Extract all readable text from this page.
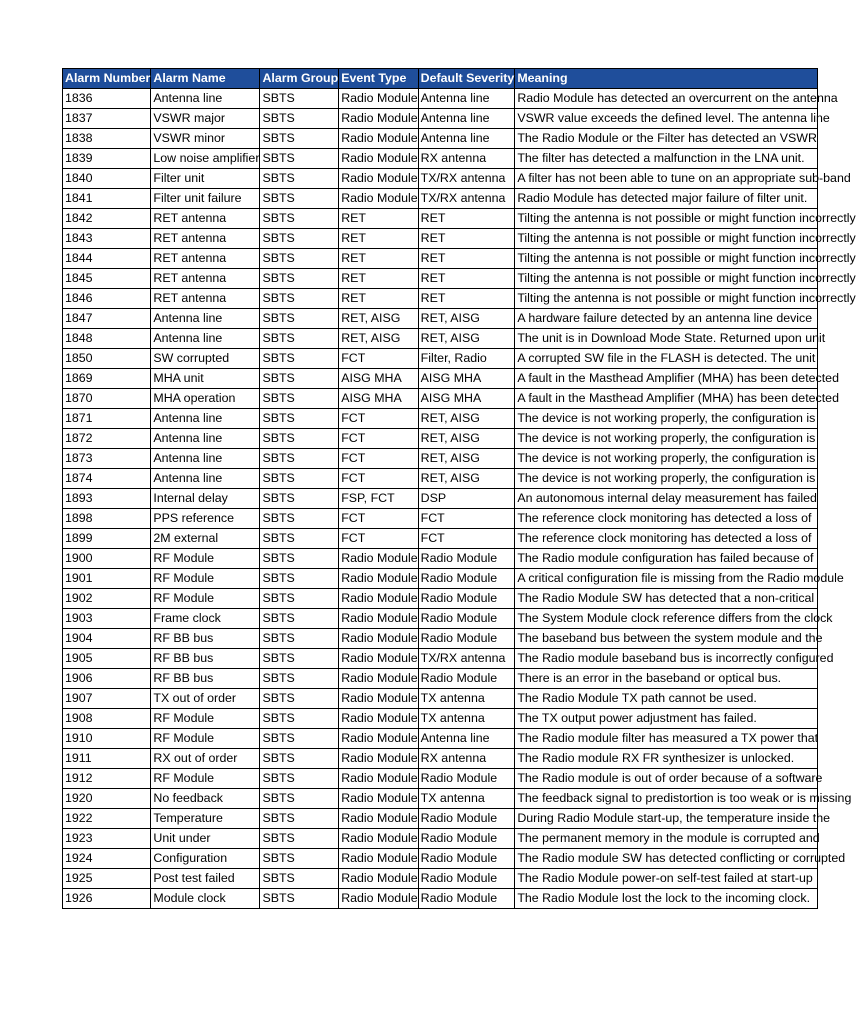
Alarm Number	Alarm Name	Alarm Group	Event Type	Default Severity	Meaning
1836	Antenna line	SBTS	Radio Module	Antenna line	Radio Module has detected an overcurrent on the antenna
1837	VSWR major	SBTS	Radio Module	Antenna line	VSWR value exceeds the defined level. The antenna line
1838	VSWR minor	SBTS	Radio Module	Antenna line	The Radio Module or the Filter has detected an VSWR
1839	Low noise amplifier	SBTS	Radio Module	RX antenna	The filter has detected a malfunction in the LNA unit.
1840	Filter unit	SBTS	Radio Module	TX/RX antenna	A filter has not been able to tune on an appropriate sub-band
1841	Filter unit failure	SBTS	Radio Module	TX/RX antenna	Radio Module has detected major failure of filter unit.
1842	RET antenna	SBTS	RET	RET	Tilting the antenna is not possible or might function incorrectly
1843	RET antenna	SBTS	RET	RET	Tilting the antenna is not possible or might function incorrectly
1844	RET antenna	SBTS	RET	RET	Tilting the antenna is not possible or might function incorrectly
1845	RET antenna	SBTS	RET	RET	Tilting the antenna is not possible or might function incorrectly
1846	RET antenna	SBTS	RET	RET	Tilting the antenna is not possible or might function incorrectly
1847	Antenna line	SBTS	RET, AISG	RET, AISG	A hardware failure detected by an antenna line device
1848	Antenna line	SBTS	RET, AISG	RET, AISG	The unit is in Download Mode State. Returned upon unit
1850	SW corrupted	SBTS	FCT	Filter, Radio	A corrupted SW file in the FLASH is detected. The unit
1869	MHA unit	SBTS	AISG MHA	AISG MHA	A fault in the Masthead Amplifier (MHA) has been detected
1870	MHA operation	SBTS	AISG MHA	AISG MHA	A fault in the Masthead Amplifier (MHA) has been detected
1871	Antenna line	SBTS	FCT	RET, AISG	The device is not working properly, the configuration is
1872	Antenna line	SBTS	FCT	RET, AISG	The device is not working properly, the configuration is
1873	Antenna line	SBTS	FCT	RET, AISG	The device is not working properly, the configuration is
1874	Antenna line	SBTS	FCT	RET, AISG	The device is not working properly, the configuration is
1893	Internal delay	SBTS	FSP, FCT	DSP	An autonomous internal delay measurement has failed
1898	PPS reference	SBTS	FCT	FCT	The reference clock monitoring has detected a loss of
1899	2M external	SBTS	FCT	FCT	The reference clock monitoring has detected a loss of
1900	RF Module	SBTS	Radio Module	Radio Module	The Radio module configuration has failed because of
1901	RF Module	SBTS	Radio Module	Radio Module	A critical configuration file is missing from the Radio module
1902	RF Module	SBTS	Radio Module	Radio Module	The Radio Module SW has detected that a non-critical
1903	Frame clock	SBTS	Radio Module	Radio Module	The System Module clock reference differs from the clock
1904	RF BB bus	SBTS	Radio Module	Radio Module	The baseband bus between the system module and the
1905	RF BB bus	SBTS	Radio Module	TX/RX antenna	The Radio module baseband bus is incorrectly configured
1906	RF BB bus	SBTS	Radio Module	Radio Module	There is an error in the baseband or optical bus.
1907	TX out of order	SBTS	Radio Module	TX antenna	The Radio Module TX path cannot be used.
1908	RF Module	SBTS	Radio Module	TX antenna	The TX output power adjustment has failed.
1910	RF Module	SBTS	Radio Module	Antenna line	The Radio module filter has measured a TX power that
1911	RX out of order	SBTS	Radio Module	RX antenna	The Radio module RX FR synthesizer is unlocked.
1912	RF Module	SBTS	Radio Module	Radio Module	The Radio module is out of order because of a software
1920	No feedback	SBTS	Radio Module	TX antenna	The feedback signal to predistortion is too weak or is missing
1922	Temperature	SBTS	Radio Module	Radio Module	During Radio Module start-up, the temperature inside the
1923	Unit under	SBTS	Radio Module	Radio Module	The permanent memory in the module is corrupted and
1924	Configuration	SBTS	Radio Module	Radio Module	The Radio module SW has detected conflicting or corrupted
1925	Post test failed	SBTS	Radio Module	Radio Module	The Radio Module power-on self-test failed at start-up
1926	Module clock	SBTS	Radio Module	Radio Module	The Radio Module lost the lock to the incoming clock.
